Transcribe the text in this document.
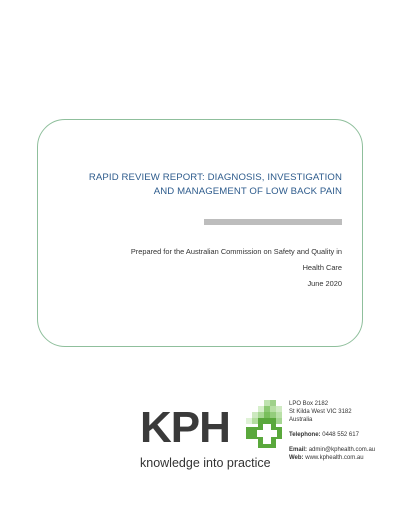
RAPID REVIEW REPORT: DIAGNOSIS, INVESTIGATION
AND MANAGEMENT OF LOW BACK PAIN
Prepared for the Australian Commission on Safety and Quality in
Health Care
June 2020
KPH
knowledge into practice
LPO Box 2182
St Kilda West VIC 3182
Australia
Telephone: 0448 552 617
Email: admin@kphealth.com.au
Web: www.kphealth.com.au
